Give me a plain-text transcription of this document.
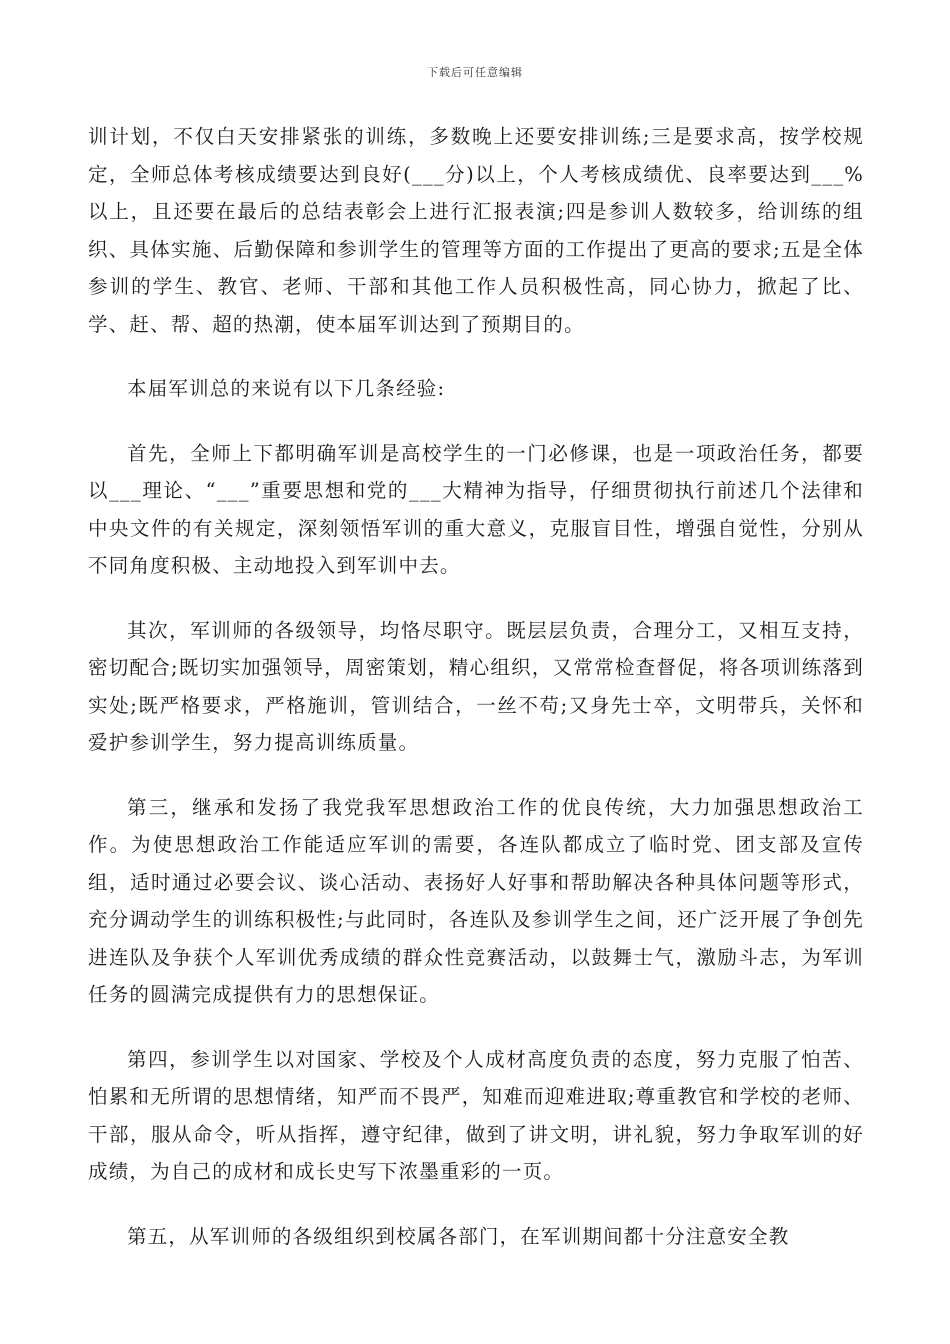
下载后可任意编辑

训计划，不仅白天安排紧张的训练，多数晚上还要安排训练;三是要求高，按学校规定，全师总体考核成绩要达到良好(___分)以上，个人考核成绩优、良率要达到___%以上，且还要在最后的总结表彰会上进行汇报表演;四是参训人数较多，给训练的组织、具体实施、后勤保障和参训学生的管理等方面的工作提出了更高的要求;五是全体参训的学生、教官、老师、干部和其他工作人员积极性高，同心协力，掀起了比、学、赶、帮、超的热潮，使本届军训达到了预期目的。

本届军训总的来说有以下几条经验:

首先，全师上下都明确军训是高校学生的一门必修课，也是一项政治任务，都要以___理论、“___”重要思想和党的___大精神为指导，仔细贯彻执行前述几个法律和中央文件的有关规定，深刻领悟军训的重大意义，克服盲目性，增强自觉性，分别从不同角度积极、主动地投入到军训中去。

其次，军训师的各级领导，均恪尽职守。既层层负责，合理分工，又相互支持，密切配合;既切实加强领导，周密策划，精心组织，又常常检查督促，将各项训练落到实处;既严格要求，严格施训，管训结合，一丝不苟;又身先士卒，文明带兵，关怀和爱护参训学生，努力提高训练质量。

第三，继承和发扬了我党我军思想政治工作的优良传统，大力加强思想政治工作。为使思想政治工作能适应军训的需要，各连队都成立了临时党、团支部及宣传组，适时通过必要会议、谈心活动、表扬好人好事和帮助解决各种具体问题等形式，充分调动学生的训练积极性;与此同时，各连队及参训学生之间，还广泛开展了争创先进连队及争获个人军训优秀成绩的群众性竞赛活动，以鼓舞士气，激励斗志，为军训任务的圆满完成提供有力的思想保证。

第四，参训学生以对国家、学校及个人成材高度负责的态度，努力克服了怕苦、怕累和无所谓的思想情绪，知严而不畏严，知难而迎难进取;尊重教官和学校的老师、干部，服从命令，听从指挥，遵守纪律，做到了讲文明，讲礼貌，努力争取军训的好成绩，为自己的成材和成长史写下浓墨重彩的一页。

第五，从军训师的各级组织到校属各部门，在军训期间都十分注意安全教
